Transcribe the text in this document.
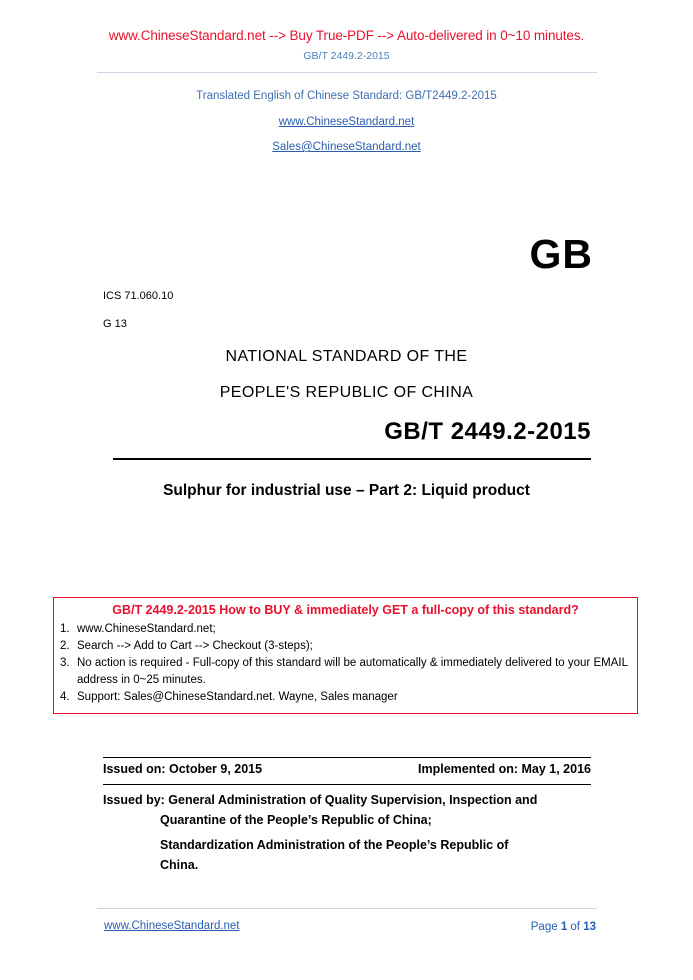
www.ChineseStandard.net --> Buy True-PDF --> Auto-delivered in 0~10 minutes.
GB/T 2449.2-2015
Translated English of Chinese Standard: GB/T2449.2-2015
www.ChineseStandard.net
Sales@ChineseStandard.net
GB
ICS 71.060.10
G 13
NATIONAL STANDARD OF THE
PEOPLE'S REPUBLIC OF CHINA
GB/T 2449.2-2015
Sulphur for industrial use – Part 2: Liquid product
GB/T 2449.2-2015 How to BUY & immediately GET a full-copy of this standard?
1. www.ChineseStandard.net;
2. Search --> Add to Cart --> Checkout (3-steps);
3. No action is required - Full-copy of this standard will be automatically & immediately delivered to your EMAIL address in 0~25 minutes.
4. Support: Sales@ChineseStandard.net. Wayne, Sales manager
Issued on: October 9, 2015	Implemented on: May 1, 2016
Issued by: General Administration of Quality Supervision, Inspection and
Quarantine of the People’s Republic of China;
Standardization Administration of the People’s Republic of
China.
www.ChineseStandard.net	Page 1 of 13
